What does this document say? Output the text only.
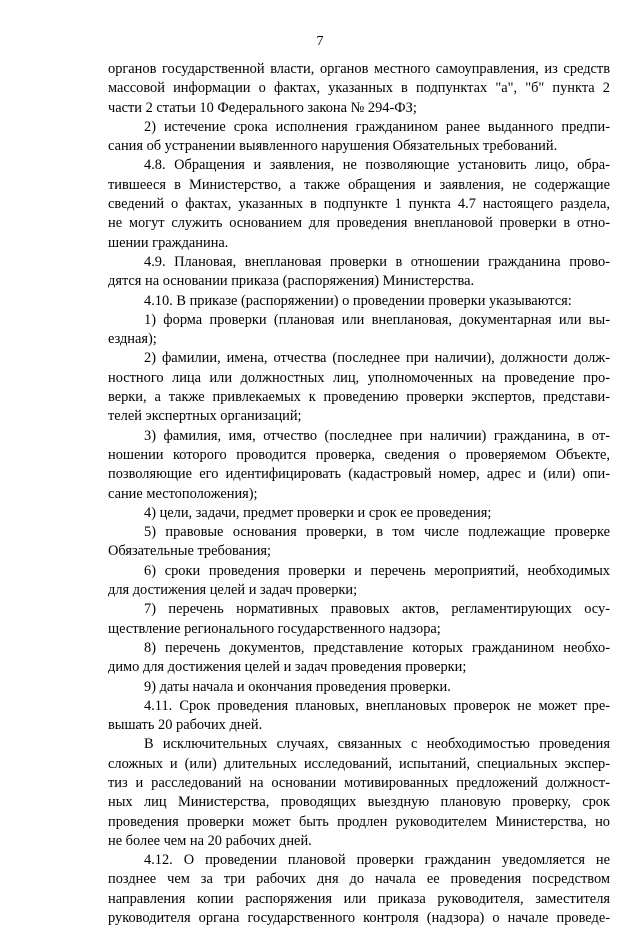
7
органов государственной власти, органов местного самоуправления, из средств
массовой информации о фактах, указанных в подпунктах "а", "б" пункта 2
части 2 статьи 10 Федерального закона № 294-ФЗ;
2) истечение срока исполнения гражданином ранее выданного предпи-
сания об устранении выявленного нарушения Обязательных требований.
4.8. Обращения и заявления, не позволяющие установить лицо, обра-
тившееся в Министерство, а также обращения и заявления, не содержащие
сведений о фактах, указанных в подпункте 1 пункта 4.7 настоящего раздела,
не могут служить основанием для проведения внеплановой проверки в отно-
шении гражданина.
4.9. Плановая, внеплановая проверки в отношении гражданина прово-
дятся на основании приказа (распоряжения) Министерства.
4.10. В приказе (распоряжении) о проведении проверки указываются:
1) форма проверки (плановая или внеплановая, документарная или вы-
ездная);
2) фамилии, имена, отчества (последнее при наличии), должности долж-
ностного лица или должностных лиц, уполномоченных на проведение про-
верки, а также привлекаемых к проведению проверки экспертов, представи-
телей экспертных организаций;
3) фамилия, имя, отчество (последнее при наличии) гражданина, в от-
ношении которого проводится проверка, сведения о проверяемом Объекте,
позволяющие его идентифицировать (кадастровый номер, адрес и (или) опи-
сание местоположения);
4) цели, задачи, предмет проверки и срок ее проведения;
5) правовые основания проверки, в том числе подлежащие проверке
Обязательные требования;
6) сроки проведения проверки и перечень мероприятий, необходимых
для достижения целей и задач проверки;
7) перечень нормативных правовых актов, регламентирующих осу-
ществление регионального государственного надзора;
8) перечень документов, представление которых гражданином необхо-
димо для достижения целей и задач проведения проверки;
9) даты начала и окончания проведения проверки.
4.11. Срок проведения плановых, внеплановых проверок не может пре-
вышать 20 рабочих дней.
В исключительных случаях, связанных с необходимостью проведения
сложных и (или) длительных исследований, испытаний, специальных экспер-
тиз и расследований на основании мотивированных предложений должност-
ных лиц Министерства, проводящих выездную плановую проверку, срок
проведения проверки может быть продлен руководителем Министерства, но
не более чем на 20 рабочих дней.
4.12. О проведении плановой проверки гражданин уведомляется не
позднее чем за три рабочих дня до начала ее проведения посредством
направления копии распоряжения или приказа руководителя, заместителя
руководителя органа государственного контроля (надзора) о начале проведе-
